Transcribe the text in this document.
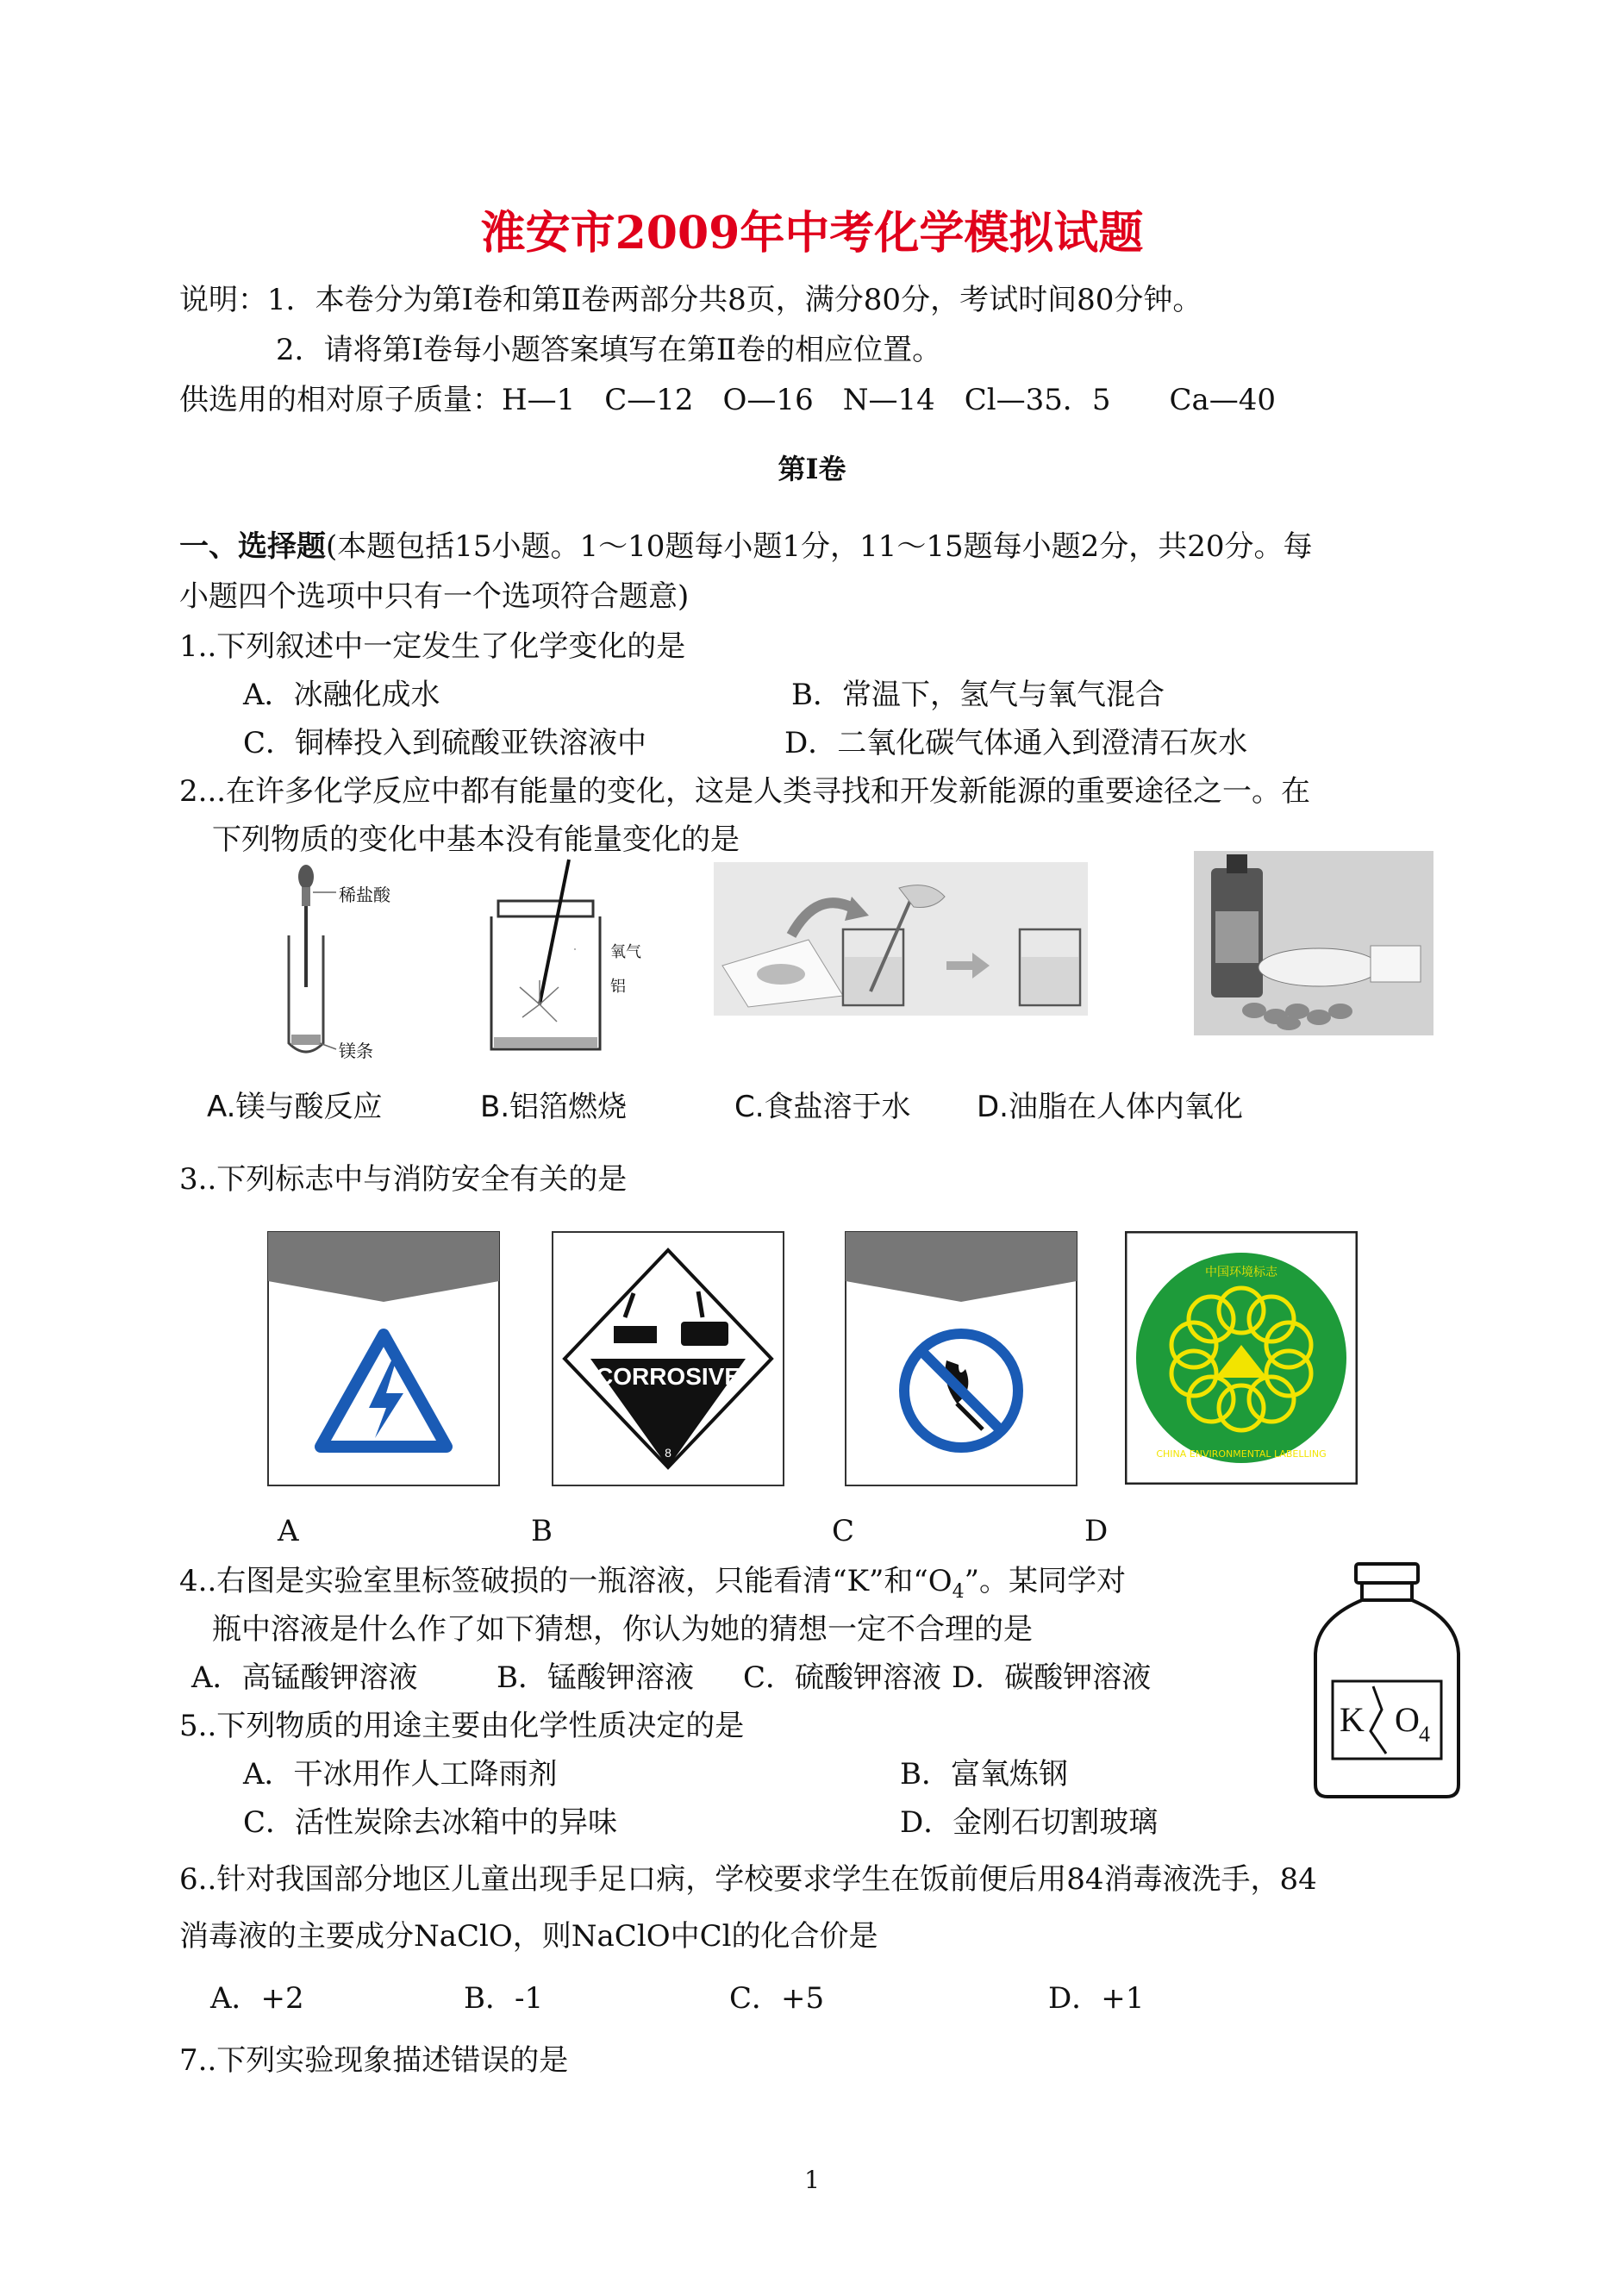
淮安市2009年中考化学模拟试题
说明：1．本卷分为第Ⅰ卷和第Ⅱ卷两部分共8页，满分80分，考试时间80分钟。
2．请将第Ⅰ卷每小题答案填写在第Ⅱ卷的相应位置。
供选用的相对原子质量：H—1　C—12　O—16　N—14　Cl—35．5　　Ca—40
第Ⅰ卷
一、选择题(本题包括15小题。1～10题每小题1分，11～15题每小题2分，共20分。每
小题四个选项中只有一个选项符合题意)
1..下列叙述中一定发生了化学变化的是
A．冰融化成水	B．常温下，氢气与氧气混合
C．铜棒投入到硫酸亚铁溶液中	D．二氧化碳气体通入到澄清石灰水
2...在许多化学反应中都有能量的变化，这是人类寻找和开发新能源的重要途径之一。在
下列物质的变化中基本没有能量变化的是
稀盐酸
镁条
氧气
铝
A.镁与酸反应	B.铝箔燃烧	C.食盐溶于水 D.油脂在人体内氧化
3..下列标志中与消防安全有关的是
CORROSIVE
8
中国环境标志
CHINA ENVIRONMENTAL LABELLING
A	B	C	D
4..右图是实验室里标签破损的一瓶溶液，只能看清“K”和“$O_4$”。某同学对
瓶中溶液是什么作了如下猜想，你认为她的猜想一定不合理的是
A．高锰酸钾溶液	B．锰酸钾溶液 C．硫酸钾溶液 D．碳酸钾溶液
K O 4
5..下列物质的用途主要由化学性质决定的是
A．干冰用作人工降雨剂	B．富氧炼钢
C．活性炭除去冰箱中的异味	D．金刚石切割玻璃
6..针对我国部分地区儿童出现手足口病，学校要求学生在饭前便后用84消毒液洗手，84
消毒液的主要成分NaClO，则NaClO中Cl的化合价是
A．+2	B．-1	C．+5	D．+1
7..下列实验现象描述错误的是
1
